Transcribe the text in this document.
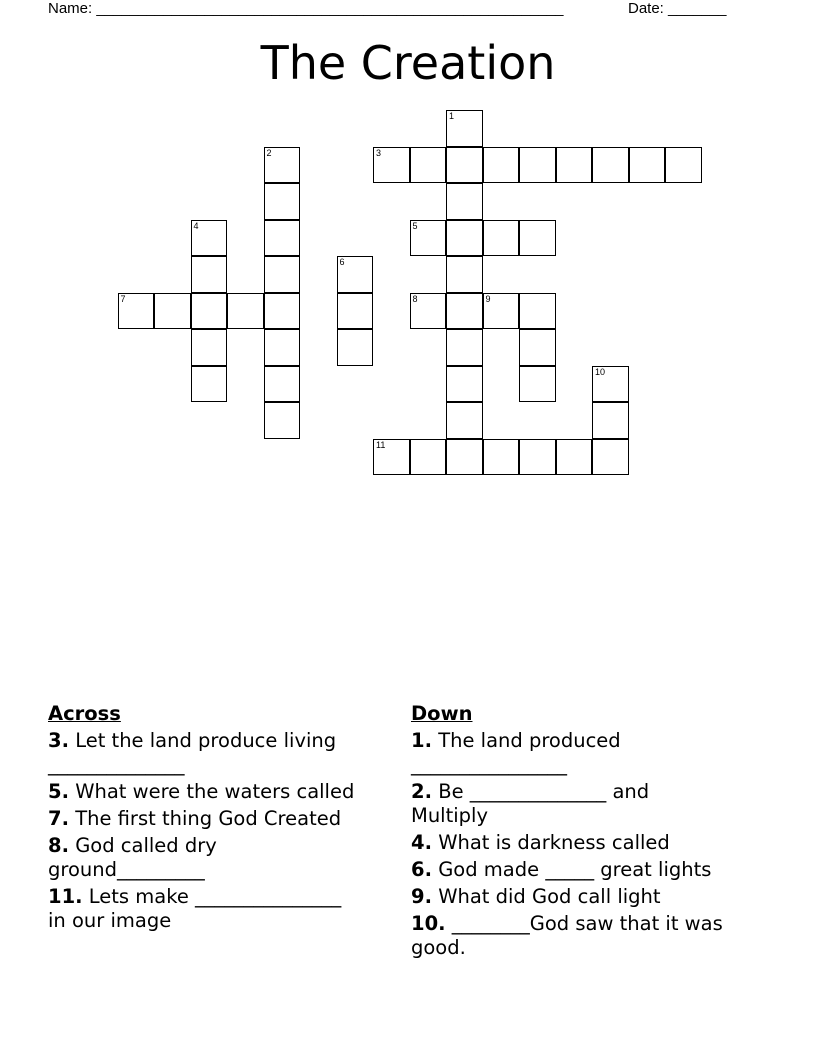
Name: ________________________________________________________	Date: _______
The Creation
1
2	3
4	5
6
7	8	9
10
11
Across
3. Let the land produce living
______________
5. What were the waters called
7. The first thing God Created
8. God called dry
ground_________
11. Lets make _______________
in our image
Down
1. The land produced
________________
2. Be ______________ and
Multiply
4. What is darkness called
6. God made _____ great lights
9. What did God call light
10. ________God saw that it was
good.
